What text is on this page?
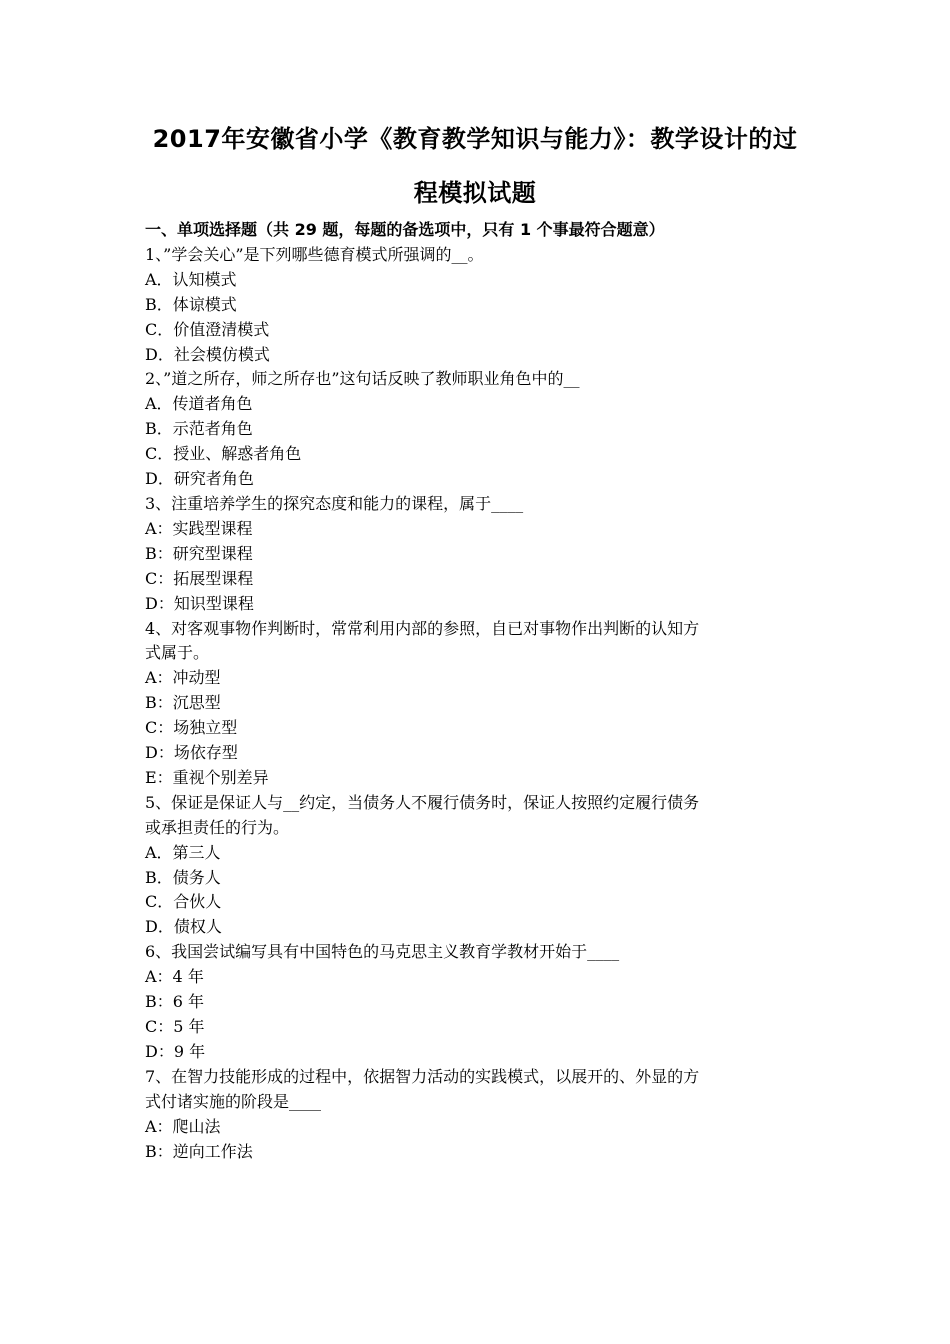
2017年安徽省小学《教育教学知识与能力》：教学设计的过
程模拟试题
一、单项选择题（共 29 题，每题的备选项中，只有 1 个事最符合题意）

1、”学会关心”是下列哪些德育模式所强调的__。

A．认知模式

B．体谅模式

C．价值澄清模式

D．社会模仿模式

2、”道之所存，师之所存也”这句话反映了教师职业角色中的__

A．传道者角色

B．示范者角色

C．授业、解惑者角色

D．研究者角色

3、注重培养学生的探究态度和能力的课程，属于____

A：实践型课程

B：研究型课程

C：拓展型课程

D：知识型课程

4、对客观事物作判断时，常常利用内部的参照，自已对事物作出判断的认知方
式属于。

A：冲动型

B：沉思型

C：场独立型

D：场依存型

E：重视个别差异

5、保证是保证人与__约定，当债务人不履行债务时，保证人按照约定履行债务
或承担责任的行为。

A．第三人

B．债务人

C．合伙人

D．债权人

6、我国尝试编写具有中国特色的马克思主义教育学教材开始于____

A：4 年

B：6 年

C：5 年

D：9 年

7、在智力技能形成的过程中，依据智力活动的实践模式，以展开的、外显的方
式付诸实施的阶段是____

A：爬山法

B：逆向工作法
